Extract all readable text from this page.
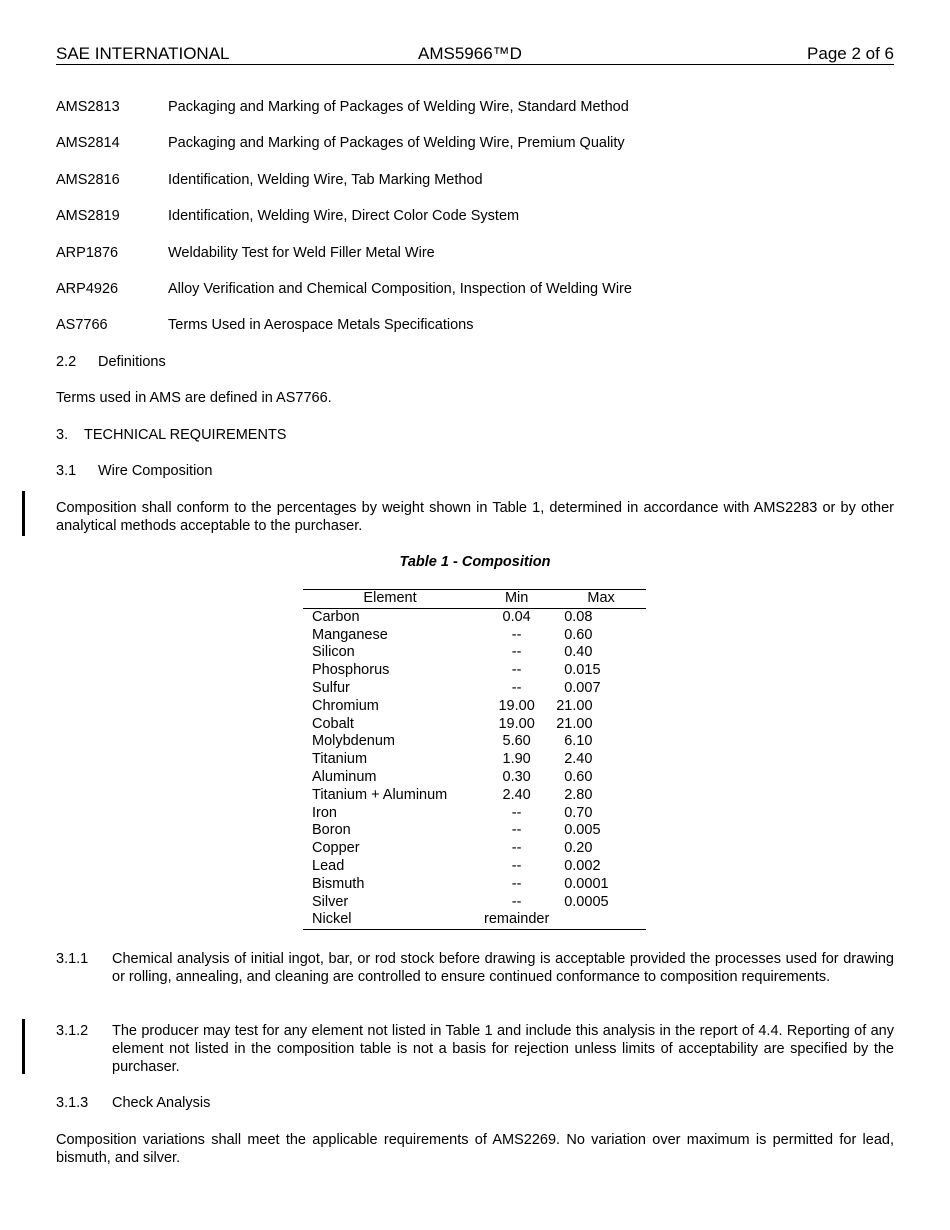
SAE INTERNATIONAL	AMS5966™D	Page 2 of 6
AMS2813	Packaging and Marking of Packages of Welding Wire, Standard Method
AMS2814	Packaging and Marking of Packages of Welding Wire, Premium Quality
AMS2816	Identification, Welding Wire, Tab Marking Method
AMS2819	Identification, Welding Wire, Direct Color Code System
ARP1876	Weldability Test for Weld Filler Metal Wire
ARP4926	Alloy Verification and Chemical Composition, Inspection of Welding Wire
AS7766	Terms Used in Aerospace Metals Specifications
2.2 Definitions
Terms used in AMS are defined in AS7766.
3. TECHNICAL REQUIREMENTS
3.1 Wire Composition
Composition shall conform to the percentages by weight shown in Table 1, determined in accordance with AMS2283 or by other analytical methods acceptable to the purchaser.
Table 1 - Composition
Element	Min	Max
Carbon	0.04	0.08
Manganese	--	0.60
Silicon	--	0.40
Phosphorus	--	0.015
Sulfur	--	0.007
Chromium	19.00	21.00
Cobalt	19.00	21.00
Molybdenum	5.60	6.10
Titanium	1.90	2.40
Aluminum	0.30	0.60
Titanium + Aluminum	2.40	2.80
Iron	--	0.70
Boron	--	0.005
Copper	--	0.20
Lead	--	0.002
Bismuth	--	0.0001
Silver	--	0.0005
Nickel	remainder	
3.1.1 Chemical analysis of initial ingot, bar, or rod stock before drawing is acceptable provided the processes used for drawing or rolling, annealing, and cleaning are controlled to ensure continued conformance to composition requirements.
3.1.2 The producer may test for any element not listed in Table 1 and include this analysis in the report of 4.4. Reporting of any element not listed in the composition table is not a basis for rejection unless limits of acceptability are specified by the purchaser.
3.1.3 Check Analysis
Composition variations shall meet the applicable requirements of AMS2269. No variation over maximum is permitted for lead, bismuth, and silver.
